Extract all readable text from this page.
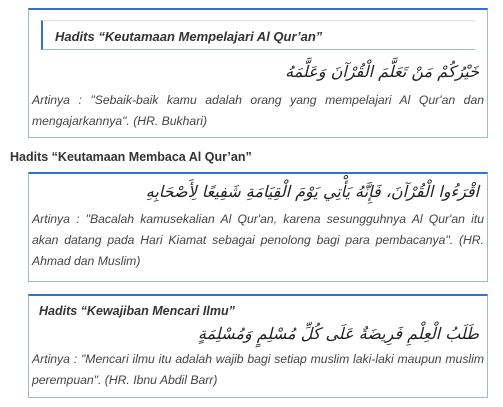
Hadits “Keutamaan Mempelajari Al Qur’an”
خَيْرُكُمْ مَنْ تَعَلَّمَ الْقُرْآنَ وَعَلَّمَهُ
Artinya : "Sebaik-baik kamu adalah orang yang mempelajari Al Qur'an dan mengajarkannya". (HR. Bukhari)
Hadits “Keutamaan Membaca Al Qur’an”
اقْرَءُوا الْقُرْآنَ، فَإِنَّهُ يَأْتِي يَوْمَ الْقِيَامَةِ شَفِيعًا لِأَصْحَابِهِ
Artinya : "Bacalah kamusekalian Al Qur'an, karena sesungguhnya Al Qur'an itu akan datang pada Hari Kiamat sebagai penolong bagi para pembacanya". (HR. Ahmad dan Muslim)
Hadits “Kewajiban Mencari Ilmu”
طَلَبُ الْعِلْمِ فَرِيضَةٌ عَلَى كُلِّ مُسْلِمٍ وَمُسْلِمَةٍ
Artinya : "Mencari ilmu itu adalah wajib bagi setiap muslim laki-laki maupun muslim perempuan". (HR. Ibnu Abdil Barr)
